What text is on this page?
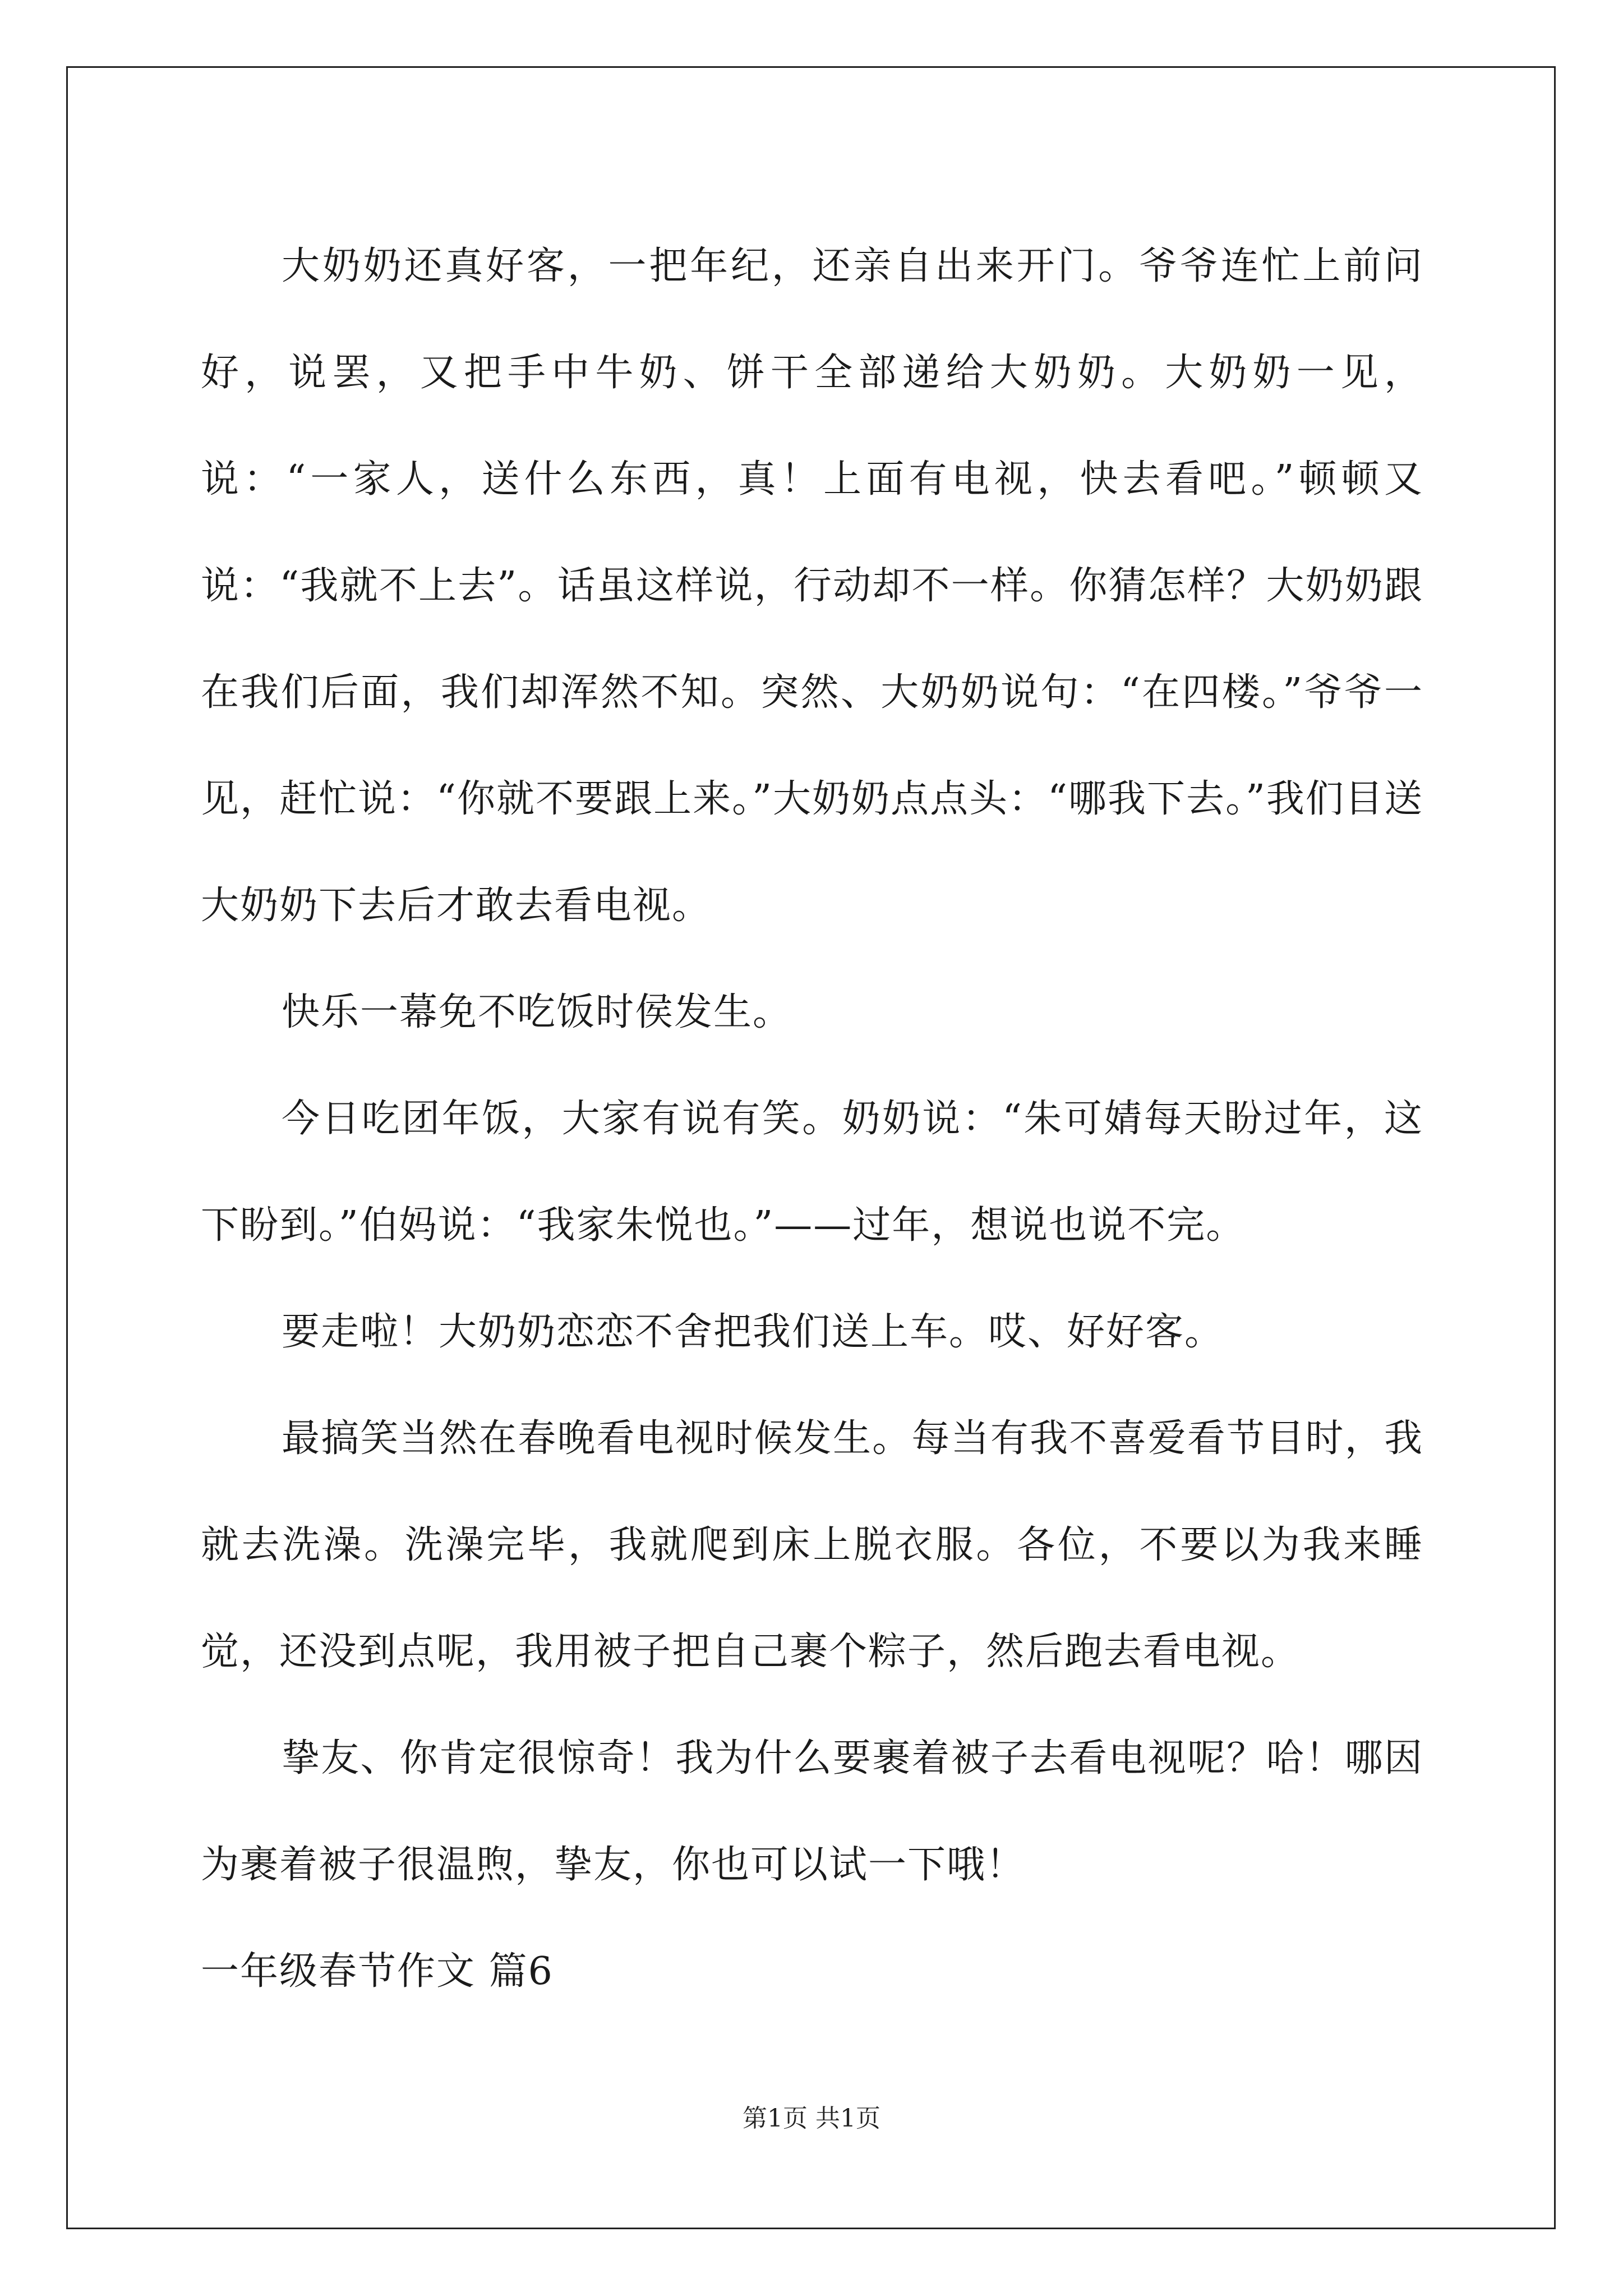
大奶奶还真好客，一把年纪，还亲自出来开门。爷爷连忙上前问好，说罢，又把手中牛奶、饼干全部递给大奶奶。大奶奶一见，说：“一家人，送什么东西，真！上面有电视，快去看吧。”顿顿又说：“我就不上去”。话虽这样说，行动却不一样。你猜怎样？大奶奶跟在我们后面，我们却浑然不知。突然、大奶奶说句：“在四楼。”爷爷一见，赶忙说：“你就不要跟上来。”大奶奶点点头：“哪我下去。”我们目送大奶奶下去后才敢去看电视。

快乐一幕免不吃饭时侯发生。

今日吃团年饭，大家有说有笑。奶奶说：“朱可婧每天盼过年，这下盼到。”伯妈说：“我家朱悦也。”——过年，想说也说不完。

要走啦！大奶奶恋恋不舍把我们送上车。哎、好好客。

最搞笑当然在春晚看电视时候发生。每当有我不喜爱看节目时，我就去洗澡。洗澡完毕，我就爬到床上脱衣服。各位，不要以为我来睡觉，还没到点呢，我用被子把自己裹个粽子，然后跑去看电视。

挚友、你肯定很惊奇！我为什么要裹着被子去看电视呢？哈！哪因为裹着被子很温煦，挚友，你也可以试一下哦！

一年级春节作文 篇6

第1页 共1页
